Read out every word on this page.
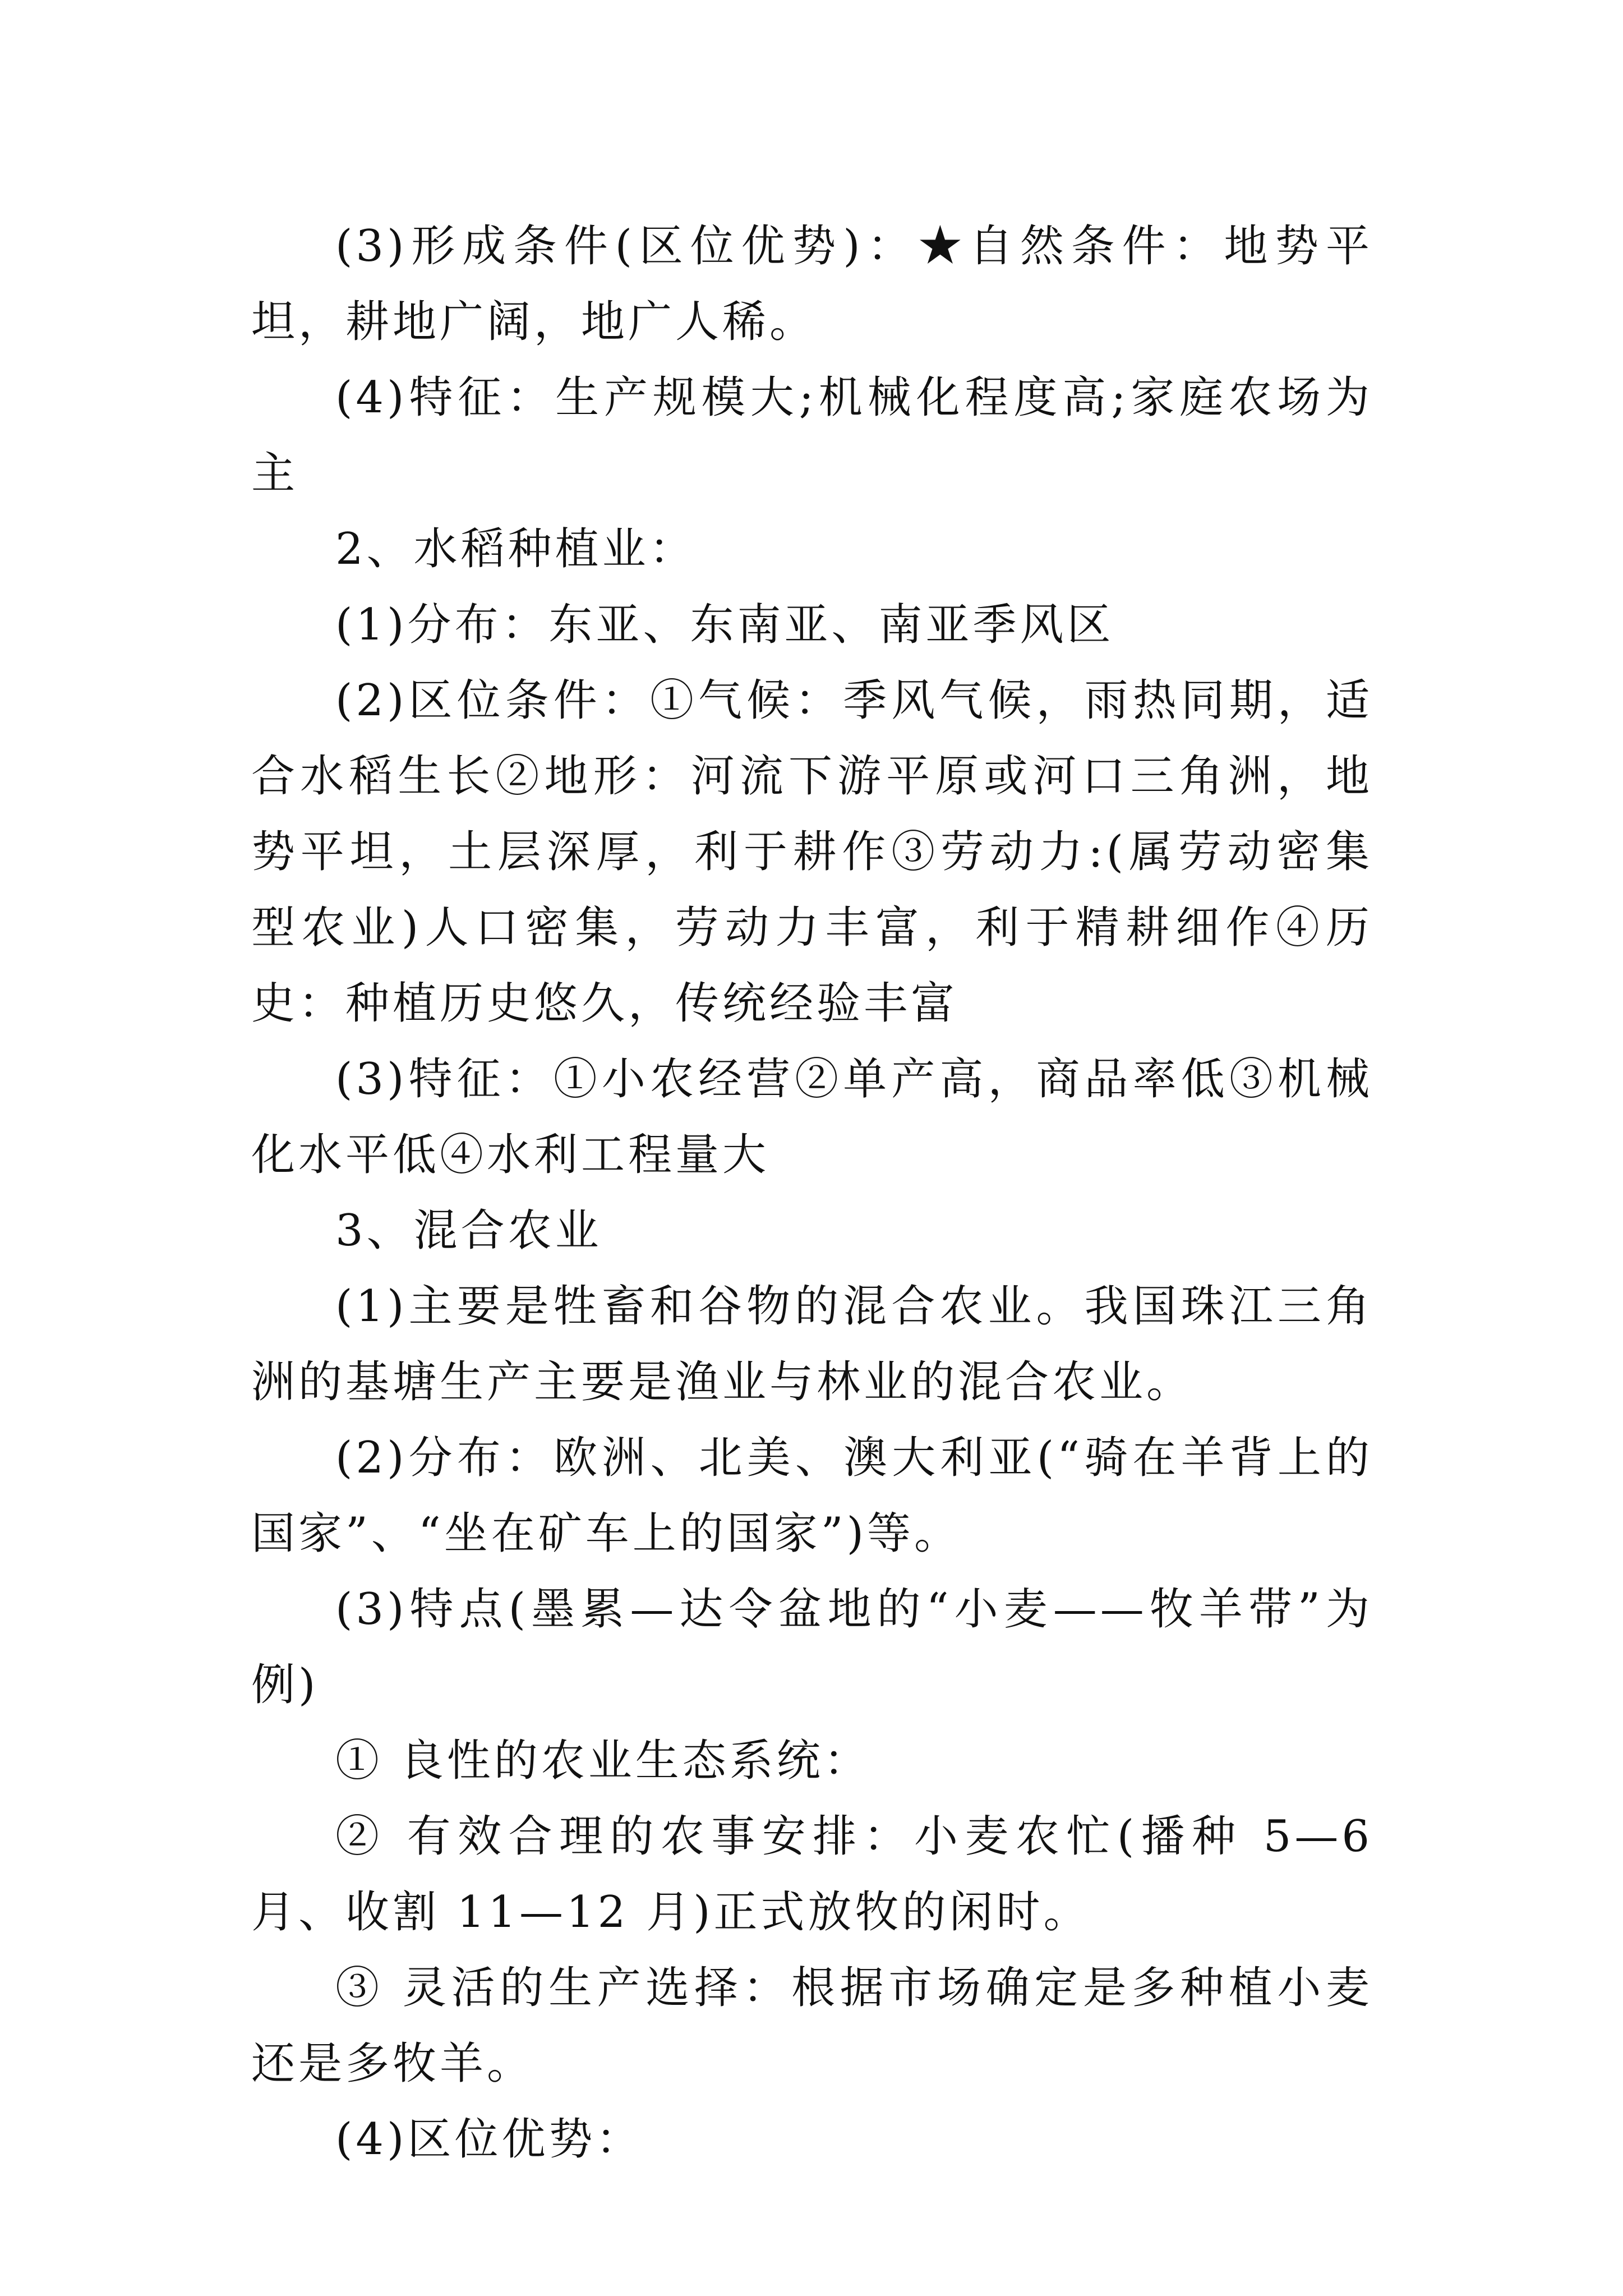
(3)形成条件(区位优势)：★自然条件：地势平坦，耕地广阔，地广人稀。

(4)特征：生产规模大;机械化程度高;家庭农场为主

2、水稻种植业：

(1)分布：东亚、东南亚、南亚季风区

(2)区位条件：①气候：季风气候，雨热同期，适合水稻生长②地形：河流下游平原或河口三角洲，地势平坦，土层深厚，利于耕作③劳动力:(属劳动密集型农业)人口密集，劳动力丰富，利于精耕细作④历史：种植历史悠久，传统经验丰富

(3)特征：①小农经营②单产高，商品率低③机械化水平低④水利工程量大

3、混合农业

(1)主要是牲畜和谷物的混合农业。我国珠江三角洲的基塘生产主要是渔业与林业的混合农业。

(2)分布：欧洲、北美、澳大利亚(“骑在羊背上的国家”、“坐在矿车上的国家”)等。

(3)特点(墨累—达令盆地的“小麦——牧羊带”为例)

① 良性的农业生态系统：

② 有效合理的农事安排：小麦农忙(播种 5—6 月、收割 11—12 月)正式放牧的闲时。

③ 灵活的生产选择：根据市场确定是多种植小麦还是多牧羊。

(4)区位优势：
